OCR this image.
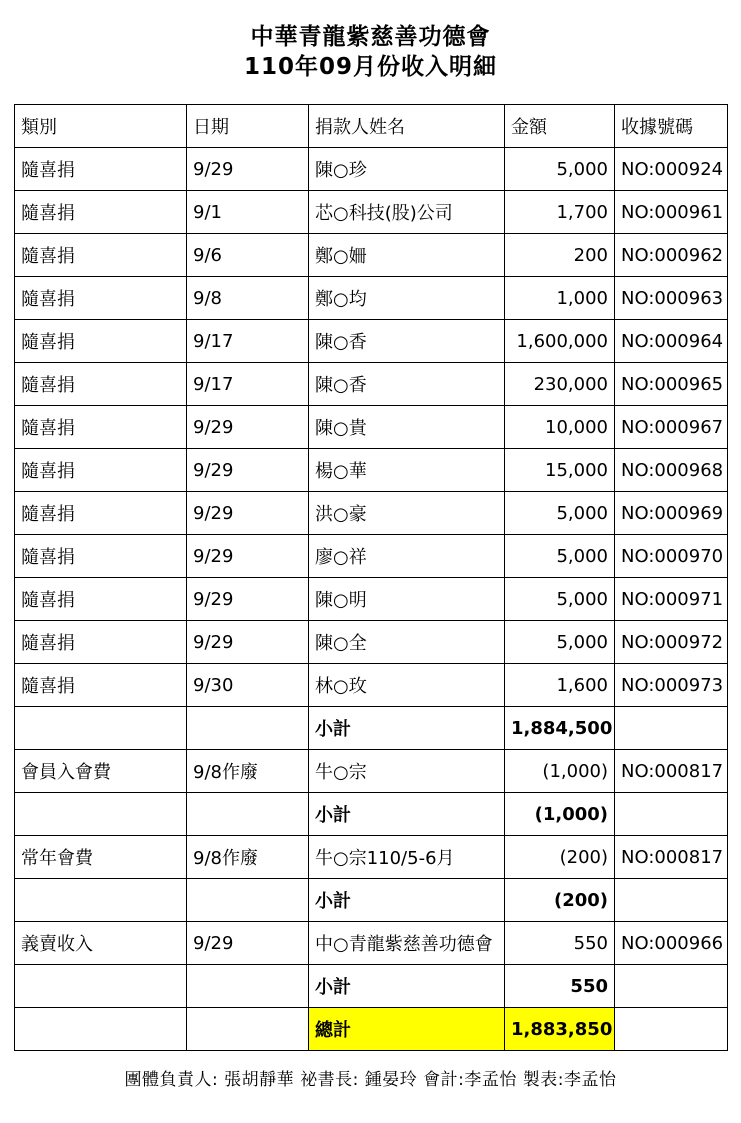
中華青龍紫慈善功德會
110年09月份收入明細
類別	日期	捐款人姓名	金額	收據號碼
隨喜捐	9/29	陳○珍	5,000	NO:000924
隨喜捐	9/1	芯○科技(股)公司	1,700	NO:000961
隨喜捐	9/6	鄭○姍	200	NO:000962
隨喜捐	9/8	鄭○均	1,000	NO:000963
隨喜捐	9/17	陳○香	1,600,000	NO:000964
隨喜捐	9/17	陳○香	230,000	NO:000965
隨喜捐	9/29	陳○貴	10,000	NO:000967
隨喜捐	9/29	楊○華	15,000	NO:000968
隨喜捐	9/29	洪○豪	5,000	NO:000969
隨喜捐	9/29	廖○祥	5,000	NO:000970
隨喜捐	9/29	陳○明	5,000	NO:000971
隨喜捐	9/29	陳○全	5,000	NO:000972
隨喜捐	9/30	林○玫	1,600	NO:000973
		小計	1,884,500	
會員入會費	9/8作廢	牛○宗	(1,000)	NO:000817
		小計	(1,000)	
常年會費	9/8作廢	牛○宗110/5-6月	(200)	NO:000817
		小計	(200)	
義賣收入	9/29	中○青龍紫慈善功德會	550	NO:000966
		小計	550	
		總計	1,883,850	
團體負責人: 張胡靜華 祕書長: 鍾晏玲 會計:李孟怡 製表:李孟怡
